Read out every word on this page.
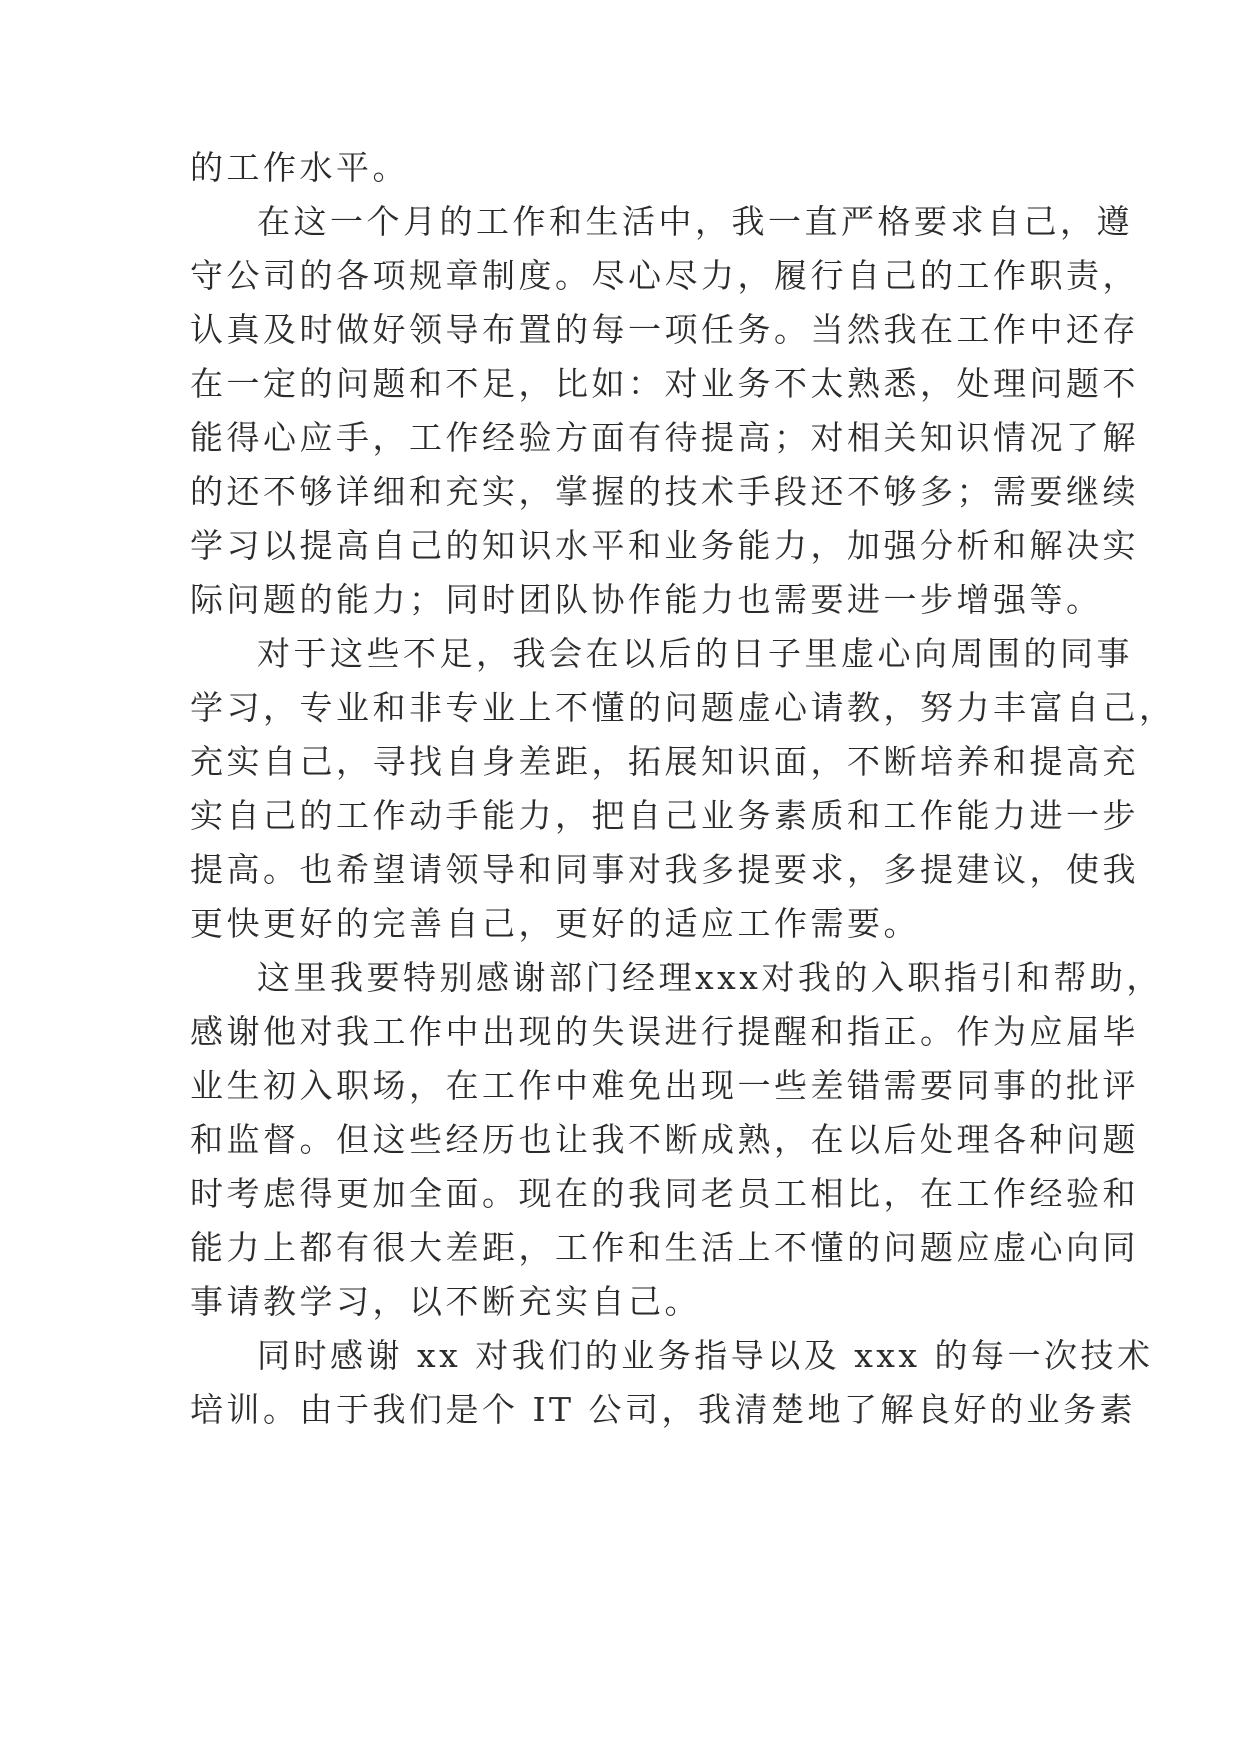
的工作水平。
在这一个月的工作和生活中，我一直严格要求自己，遵
守公司的各项规章制度。尽心尽力，履行自己的工作职责，
认真及时做好领导布置的每一项任务。当然我在工作中还存
在一定的问题和不足，比如：对业务不太熟悉，处理问题不
能得心应手，工作经验方面有待提高；对相关知识情况了解
的还不够详细和充实，掌握的技术手段还不够多；需要继续
学习以提高自己的知识水平和业务能力，加强分析和解决实
际问题的能力；同时团队协作能力也需要进一步增强等。
对于这些不足，我会在以后的日子里虚心向周围的同事
学习，专业和非专业上不懂的问题虚心请教，努力丰富自己，
充实自己，寻找自身差距，拓展知识面，不断培养和提高充
实自己的工作动手能力，把自己业务素质和工作能力进一步
提高。也希望请领导和同事对我多提要求，多提建议，使我
更快更好的完善自己，更好的适应工作需要。
这里我要特别感谢部门经理xxx对我的入职指引和帮助，
感谢他对我工作中出现的失误进行提醒和指正。作为应届毕
业生初入职场，在工作中难免出现一些差错需要同事的批评
和监督。但这些经历也让我不断成熟，在以后处理各种问题
时考虑得更加全面。现在的我同老员工相比，在工作经验和
能力上都有很大差距，工作和生活上不懂的问题应虚心向同
事请教学习，以不断充实自己。
同时感谢 xx 对我们的业务指导以及 xxx 的每一次技术
培训。由于我们是个 IT 公司，我清楚地了解良好的业务素
